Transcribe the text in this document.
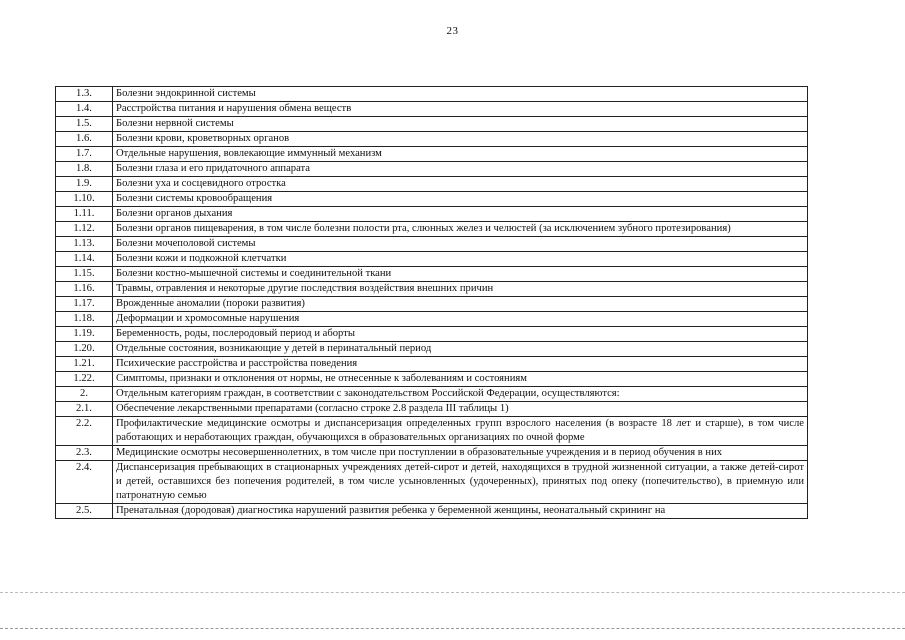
23
1.3.	Болезни эндокринной системы
1.4.	Расстройства питания и нарушения обмена веществ
1.5.	Болезни нервной системы
1.6.	Болезни крови, кроветворных органов
1.7.	Отдельные нарушения, вовлекающие иммунный механизм
1.8.	Болезни глаза и его придаточного аппарата
1.9.	Болезни уха и сосцевидного отростка
1.10.	Болезни системы кровообращения
1.11.	Болезни органов дыхания
1.12.	Болезни органов пищеварения, в том числе болезни полости рта, слюнных желез и челюстей (за исключением зубного протезирования)
1.13.	Болезни мочеполовой системы
1.14.	Болезни кожи и подкожной клетчатки
1.15.	Болезни костно-мышечной системы и соединительной ткани
1.16.	Травмы, отравления и некоторые другие последствия воздействия внешних причин
1.17.	Врожденные аномалии (пороки развития)
1.18.	Деформации и хромосомные нарушения
1.19.	Беременность, роды, послеродовый период и аборты
1.20.	Отдельные состояния, возникающие у детей в перинатальный период
1.21.	Психические расстройства и расстройства поведения
1.22.	Симптомы, признаки и отклонения от нормы, не отнесенные к заболеваниям и состояниям
2.	Отдельным категориям граждан, в соответствии с законодательством Российской Федерации, осуществляются:
2.1.	Обеспечение лекарственными препаратами (согласно строке 2.8 раздела III таблицы 1)
2.2.	Профилактические медицинские осмотры и диспансеризация определенных групп взрослого населения (в возрасте 18 лет и старше), в том числе работающих и неработающих граждан, обучающихся в образовательных организациях по очной форме
2.3.	Медицинские осмотры несовершеннолетних, в том числе при поступлении в образовательные учреждения и в период обучения в них
2.4.	Диспансеризация пребывающих в стационарных учреждениях детей-сирот и детей, находящихся в трудной жизненной ситуации, а также детей-сирот и детей, оставшихся без попечения родителей, в том числе усыновленных (удочеренных), принятых под опеку (попечительство), в приемную или патронатную семью
2.5.	Пренатальная (дородовая) диагностика нарушений развития ребенка у беременной женщины, неонатальный скрининг на
